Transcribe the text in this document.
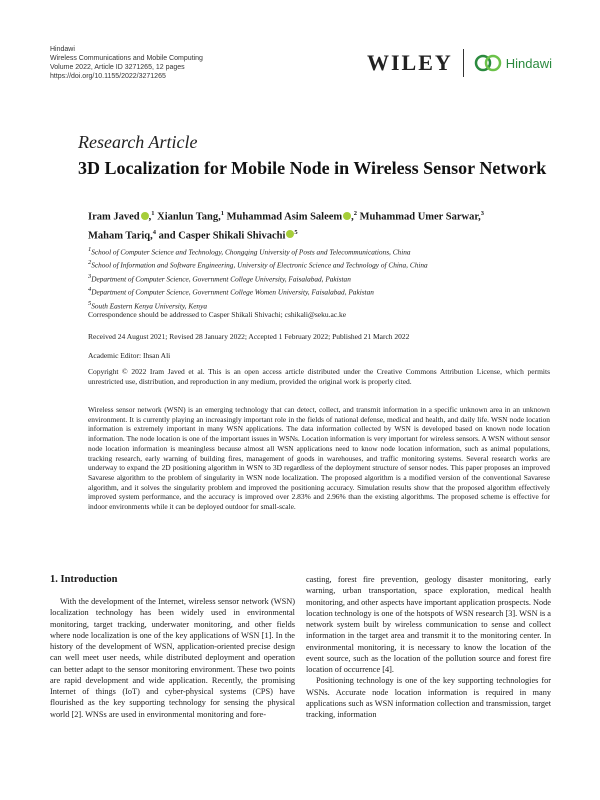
Hindawi
Wireless Communications and Mobile Computing
Volume 2022, Article ID 3271265, 12 pages
https://doi.org/10.1155/2022/3271265
WILEY	Hindawi
Research Article
3D Localization for Mobile Node in Wireless Sensor Network
Iram Javed ,$^1$ Xianlun Tang,$^1$ Muhammad Asim Saleem ,$^2$ Muhammad Umer Sarwar,$^3$
Maham Tariq,$^4$ and Casper Shikali Shivachi $^5$
$^1$School of Computer Science and Technology, Chongqing University of Posts and Telecommunications, China
$^2$School of Information and Software Engineering, University of Electronic Science and Technology of China, China
$^3$Department of Computer Science, Government College University, Faisalabad, Pakistan
$^4$Department of Computer Science, Government College Women University, Faisalabad, Pakistan
$^5$South Eastern Kenya University, Kenya
Correspondence should be addressed to Casper Shikali Shivachi; cshikali@seku.ac.ke
Received 24 August 2021; Revised 28 January 2022; Accepted 1 February 2022; Published 21 March 2022
Academic Editor: Ihsan Ali
Copyright © 2022 Iram Javed et al. This is an open access article distributed under the Creative Commons Attribution License, which permits unrestricted use, distribution, and reproduction in any medium, provided the original work is properly cited.
Wireless sensor network (WSN) is an emerging technology that can detect, collect, and transmit information in a specific unknown area in an unknown environment. It is currently playing an increasingly important role in the fields of national defense, medical and health, and daily life. WSN node location information is extremely important in many WSN applications. The data information collected by WSN is developed based on known node location information. The node location is one of the important issues in WSNs. Location information is very important for wireless sensors. A WSN without sensor node location information is meaningless because almost all WSN applications need to know node location information, such as animal populations, tracking research, early warning of building fires, management of goods in warehouses, and traffic monitoring systems. Several research works are underway to expand the 2D positioning algorithm in WSN to 3D regardless of the deployment structure of sensor nodes. This paper proposes an improved Savarese algorithm to the problem of singularity in WSN node localization. The proposed algorithm is a modified version of the conventional Savarese algorithm, and it solves the singularity problem and improved the positioning accuracy. Simulation results show that the proposed algorithm effectively improved system performance, and the accuracy is improved over 2.83% and 2.96% than the existing algorithms. The proposed scheme is effective for indoor environments while it can be deployed outdoor for small-scale.
1. Introduction
With the development of the Internet, wireless sensor network (WSN) localization technology has been widely used in environmental monitoring, target tracking, underwater monitoring, and other fields where node localization is one of the key applications of WSN [1]. In the history of the development of WSN, application-oriented precise design can well meet user needs, while distributed deployment and operation can better adapt to the sensor monitoring environment. These two points are rapid development and wide application. Recently, the promising Internet of things (IoT) and cyber-physical systems (CPS) have flourished as the key supporting technology for sensing the physical world [2]. WNSs are used in environmental monitoring and fore-
casting, forest fire prevention, geology disaster monitoring, early warning, urban transportation, space exploration, medical health monitoring, and other aspects have important application prospects. Node location technology is one of the hotspots of WSN research [3]. WSN is a network system built by wireless communication to sense and collect information in the target area and transmit it to the monitoring center. In environmental monitoring, it is necessary to know the location of the event source, such as the location of the pollution source and forest fire location of occurrence [4].
Positioning technology is one of the key supporting technologies for WSNs. Accurate node location information is required in many applications such as WSN information collection and transmission, target tracking, information
